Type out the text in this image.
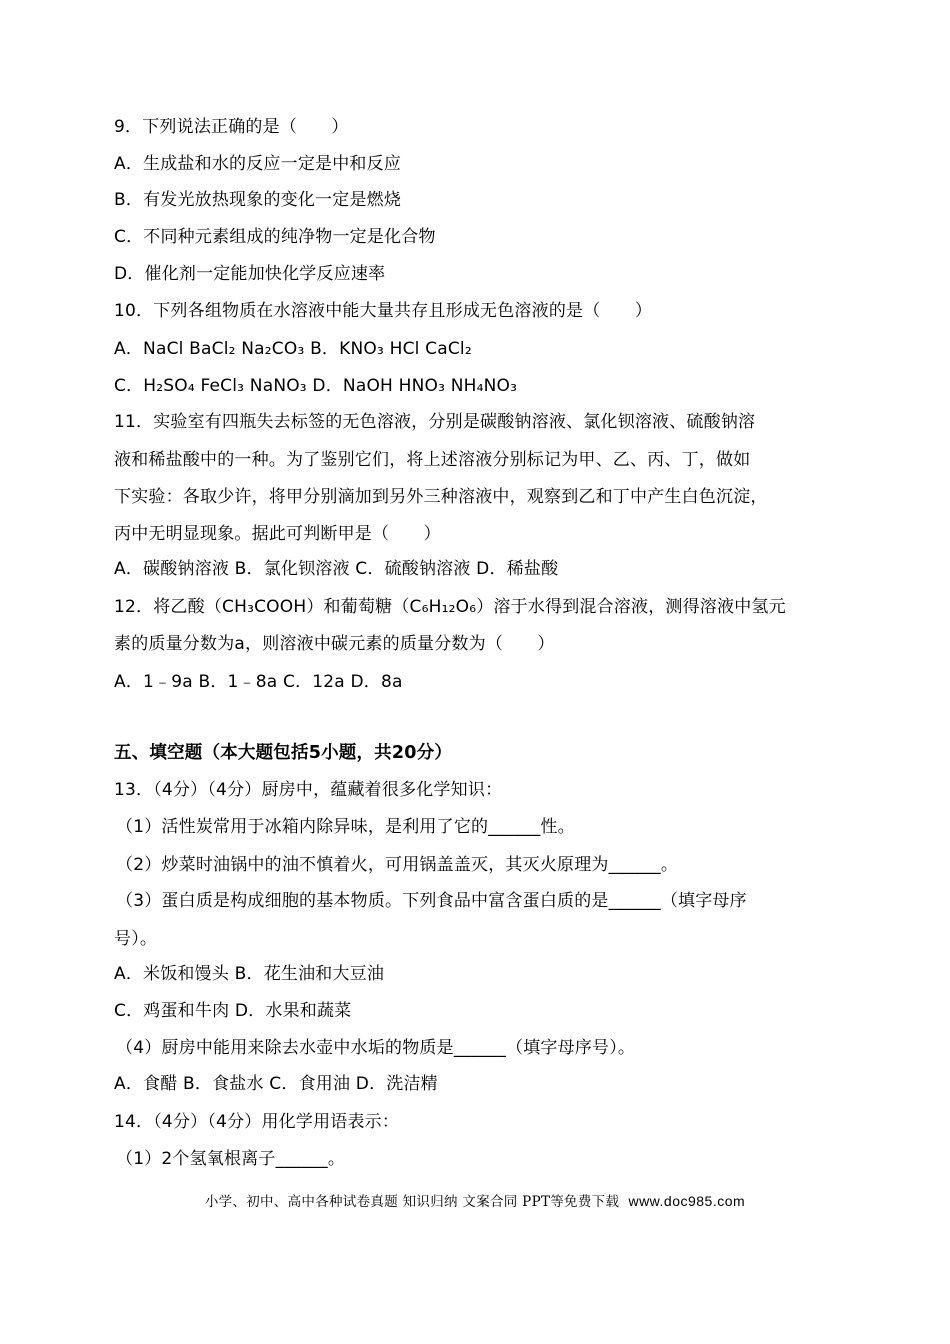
9．下列说法正确的是（　　）
A．生成盐和水的反应一定是中和反应
B．有发光放热现象的变化一定是燃烧
C．不同种元素组成的纯净物一定是化合物
D．催化剂一定能加快化学反应速率
10．下列各组物质在水溶液中能大量共存且形成无色溶液的是（　　）
A．NaCl BaCl₂ Na₂CO₃ B．KNO₃ HCl CaCl₂
C．H₂SO₄ FeCl₃ NaNO₃ D．NaOH HNO₃ NH₄NO₃
11．实验室有四瓶失去标签的无色溶液，分别是碳酸钠溶液、氯化钡溶液、硫酸钠溶
液和稀盐酸中的一种。为了鉴别它们，将上述溶液分别标记为甲、乙、丙、丁，做如
下实验：各取少许，将甲分别滴加到另外三种溶液中，观察到乙和丁中产生白色沉淀，
丙中无明显现象。据此可判断甲是（　　）
A．碳酸钠溶液 B．氯化钡溶液 C．硫酸钠溶液 D．稀盐酸
12．将乙酸（CH₃COOH）和葡萄糖（C₆H₁₂O₆）溶于水得到混合溶液，测得溶液中氢元
素的质量分数为a，则溶液中碳元素的质量分数为（　　）
A．1﹣9a B．1﹣8a C．12a D．8a
五、填空题（本大题包括5小题，共20分）
13．（4分）（4分）厨房中，蕴藏着很多化学知识：
（1）活性炭常用于冰箱内除异味，是利用了它的______性。
（2）炒菜时油锅中的油不慎着火，可用锅盖盖灭，其灭火原理为______。
（3）蛋白质是构成细胞的基本物质。下列食品中富含蛋白质的是______（填字母序
号）。
A．米饭和馒头 B．花生油和大豆油
C．鸡蛋和牛肉 D．水果和蔬菜
（4）厨房中能用来除去水壶中水垢的物质是______（填字母序号）。
A．食醋 B．食盐水 C．食用油 D．洗洁精
14．（4分）（4分）用化学用语表示：
（1）2个氢氧根离子______。
小学、初中、高中各种试卷真题 知识归纳 文案合同 PPT等免费下载 www.doc985.com
